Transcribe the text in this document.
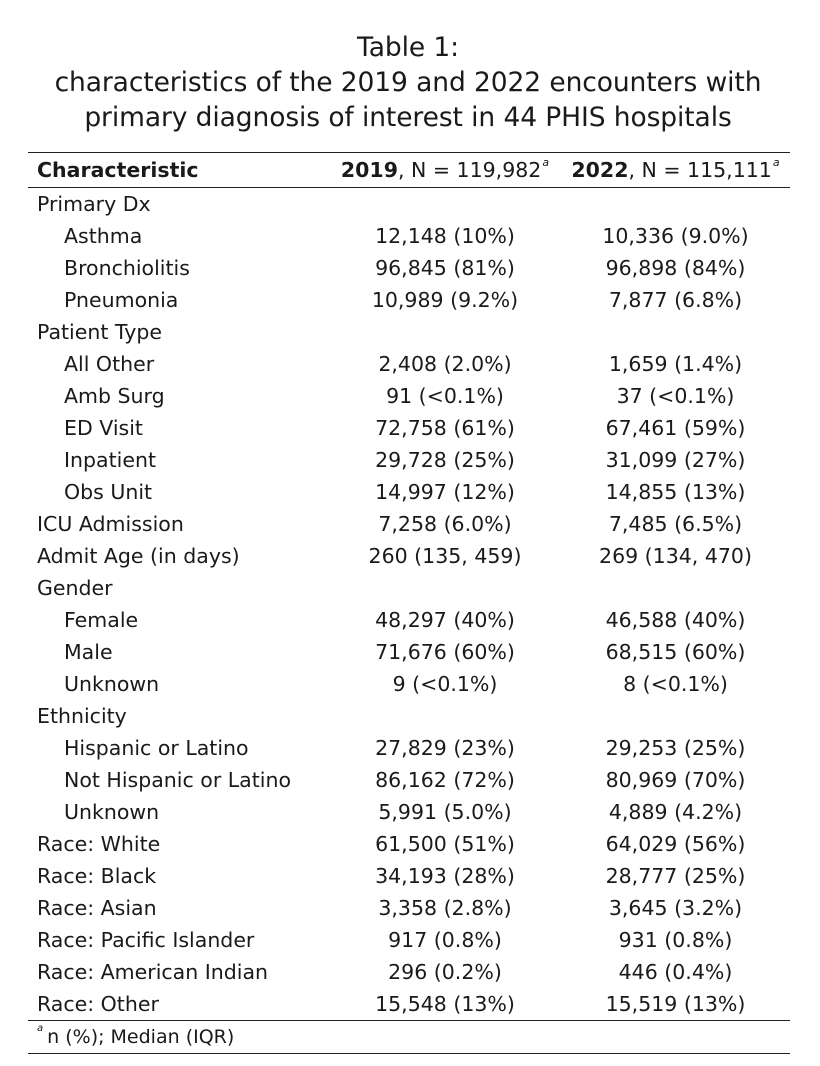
Table 1:
characteristics of the 2019 and 2022 encounters with
primary diagnosis of interest in 44 PHIS hospitals
Characteristic	2019, N = 119,982$^a$	2022, N = 115,111$^a$
Primary Dx		
Asthma	12,148 (10%)	10,336 (9.0%)
Bronchiolitis	96,845 (81%)	96,898 (84%)
Pneumonia	10,989 (9.2%)	7,877 (6.8%)
Patient Type		
All Other	2,408 (2.0%)	1,659 (1.4%)
Amb Surg	91 (<0.1%)	37 (<0.1%)
ED Visit	72,758 (61%)	67,461 (59%)
Inpatient	29,728 (25%)	31,099 (27%)
Obs Unit	14,997 (12%)	14,855 (13%)
ICU Admission	7,258 (6.0%)	7,485 (6.5%)
Admit Age (in days)	260 (135, 459)	269 (134, 470)
Gender		
Female	48,297 (40%)	46,588 (40%)
Male	71,676 (60%)	68,515 (60%)
Unknown	9 (<0.1%)	8 (<0.1%)
Ethnicity		
Hispanic or Latino	27,829 (23%)	29,253 (25%)
Not Hispanic or Latino	86,162 (72%)	80,969 (70%)
Unknown	5,991 (5.0%)	4,889 (4.2%)
Race: White	61,500 (51%)	64,029 (56%)
Race: Black	34,193 (28%)	28,777 (25%)
Race: Asian	3,358 (2.8%)	3,645 (3.2%)
Race: Pacific Islander	917 (0.8%)	931 (0.8%)
Race: American Indian	296 (0.2%)	446 (0.4%)
Race: Other	15,548 (13%)	15,519 (13%)
$^a$ n (%); Median (IQR)		
